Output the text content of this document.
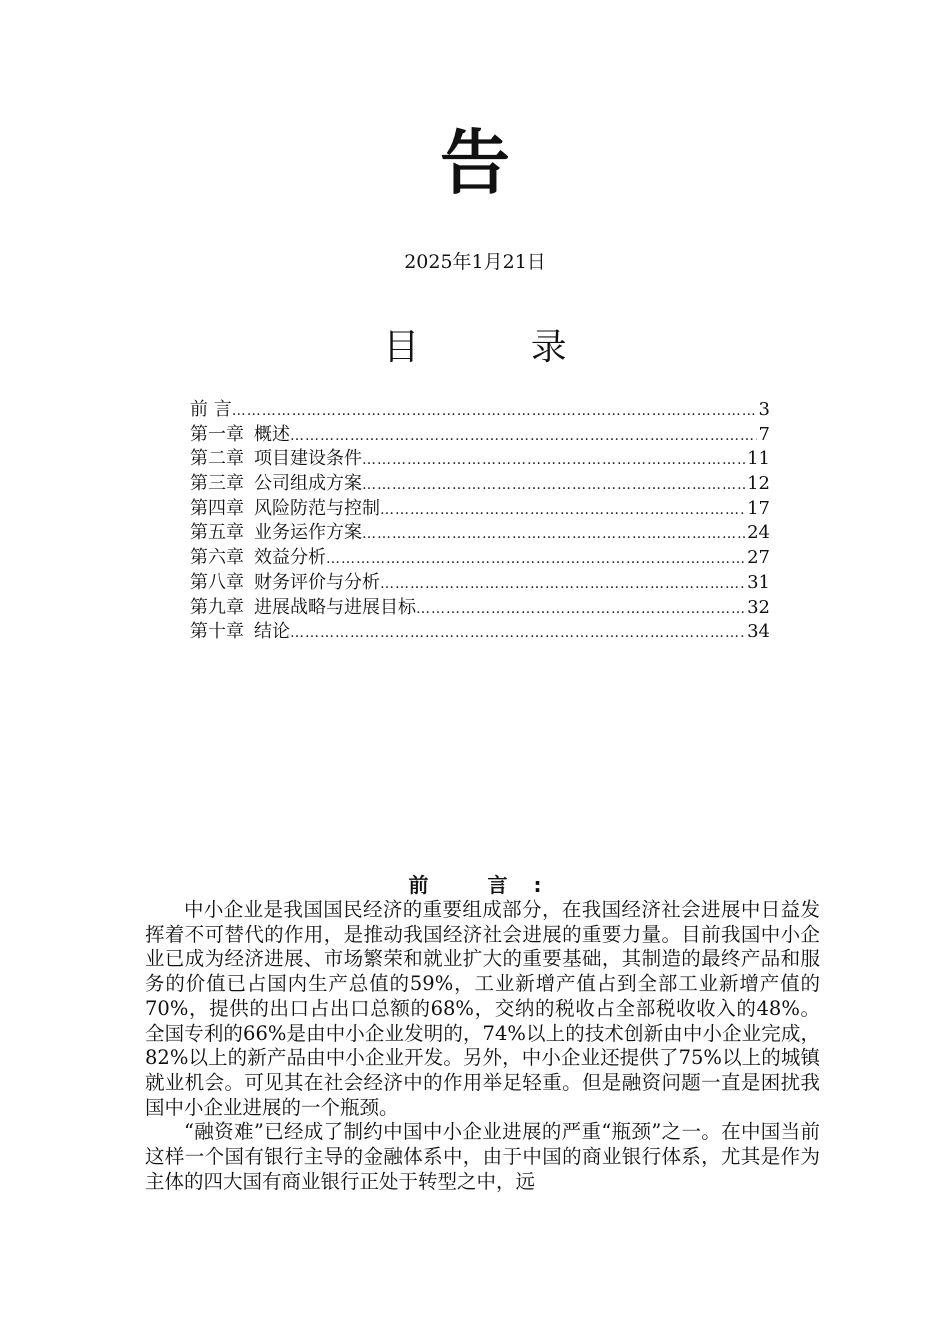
告
2025年1月21日
目 录
前 言 …………………………………………………………………………………………………………………………………………………………	3
第一章 概述 …………………………………………………………………………………………………………………………………………………………	7
第二章 项目建设条件 …………………………………………………………………………………………………………………………………………………………	11
第三章 公司组成方案 …………………………………………………………………………………………………………………………………………………………	12
第四章 风险防范与控制 …………………………………………………………………………………………………………………………………………………………	17
第五章 业务运作方案 …………………………………………………………………………………………………………………………………………………………	24
第六章 效益分析 …………………………………………………………………………………………………………………………………………………………	27
第八章 财务评价与分析 …………………………………………………………………………………………………………………………………………………………	31
第九章 进展战略与进展目标 …………………………………………………………………………………………………………………………………………………………	32
第十章 结论 …………………………………………………………………………………………………………………………………………………………	34
前 言:

中小企业是我国国民经济的重要组成部分，在我国经济社会进展中日益发挥着不可替代的作用，是推动我国经济社会进展的重要力量。目前我国中小企业已成为经济进展、市场繁荣和就业扩大的重要基础，其制造的最终产品和服务的价值已占国内生产总值的59%，工业新增产值占到全部工业新增产值的70%，提供的出口占出口总额的68%，交纳的税收占全部税收收入的48%。全国专利的66%是由中小企业发明的，74%以上的技术创新由中小企业完成，82%以上的新产品由中小企业开发。另外，中小企业还提供了75%以上的城镇就业机会。可见其在社会经济中的作用举足轻重。但是融资问题一直是困扰我国中小企业进展的一个瓶颈。

“融资难”已经成了制约中国中小企业进展的严重“瓶颈”之一。在中国当前这样一个国有银行主导的金融体系中，由于中国的商业银行体系，尤其是作为主体的四大国有商业银行正处于转型之中，远
